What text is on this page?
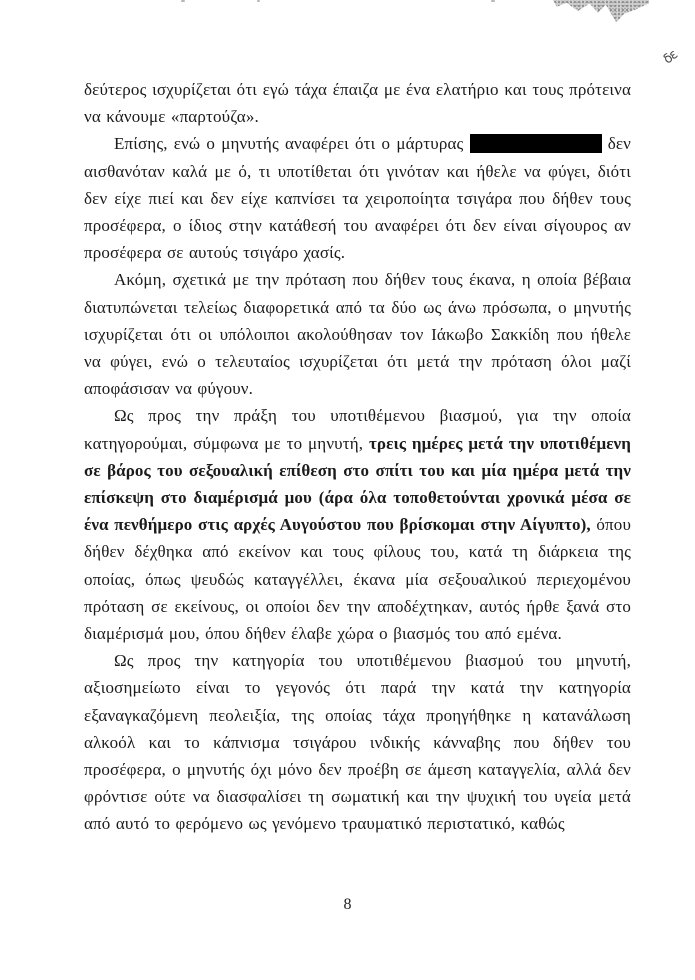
δε

δεύτερος ισχυρίζεται ότι εγώ τάχα έπαιζα με ένα ελατήριο και τους πρότεινα να κάνουμε «παρτούζα».

Επίσης, ενώ ο μηνυτής αναφέρει ότι ο μάρτυρας	δεν αισθανόταν καλά με ό, τι υποτίθεται ότι γινόταν και ήθελε να φύγει, διότι δεν είχε πιεί και δεν είχε καπνίσει τα χειροποίητα τσιγάρα που δήθεν τους προσέφερα, ο ίδιος στην κατάθεσή του αναφέρει ότι δεν είναι σίγουρος αν προσέφερα σε αυτούς τσιγάρο χασίς.

Ακόμη, σχετικά με την πρόταση που δήθεν τους έκανα, η οποία βέβαια διατυπώνεται τελείως διαφορετικά από τα δύο ως άνω πρόσωπα, ο μηνυτής ισχυρίζεται ότι οι υπόλοιποι ακολούθησαν τον Ιάκωβο Σακκίδη που ήθελε να φύγει, ενώ ο τελευταίος ισχυρίζεται ότι μετά την πρόταση όλοι μαζί αποφάσισαν να φύγουν.

Ως προς την πράξη του υποτιθέμενου βιασμού, για την οποία κατηγορούμαι, σύμφωνα με το μηνυτή, τρεις ημέρες μετά την υποτιθέμενη σε βάρος του σεξουαλική επίθεση στο σπίτι του και μία ημέρα μετά την επίσκεψη στο διαμέρισμά μου (άρα όλα τοποθετούνται χρονικά μέσα σε ένα πενθήμερο στις αρχές Αυγούστου που βρίσκομαι στην Αίγυπτο), όπου δήθεν δέχθηκα από εκείνον και τους φίλους του, κατά τη διάρκεια της οποίας, όπως ψευδώς καταγγέλλει, έκανα μία σεξουαλικού περιεχομένου πρόταση σε εκείνους, οι οποίοι δεν την αποδέχτηκαν, αυτός ήρθε ξανά στο διαμέρισμά μου, όπου δήθεν έλαβε χώρα ο βιασμός του από εμένα.

Ως προς την κατηγορία του υποτιθέμενου βιασμού του μηνυτή, αξιοσημείωτο είναι το γεγονός ότι παρά την κατά την κατηγορία εξαναγκαζόμενη πεολειξία, της οποίας τάχα προηγήθηκε η κατανάλωση αλκοόλ και το κάπνισμα τσιγάρου ινδικής κάνναβης που δήθεν του προσέφερα, ο μηνυτής όχι μόνο δεν προέβη σε άμεση καταγγελία, αλλά δεν φρόντισε ούτε να διασφαλίσει τη σωματική και την ψυχική του υγεία μετά από αυτό το φερόμενο ως γενόμενο τραυματικό περιστατικό, καθώς

8
